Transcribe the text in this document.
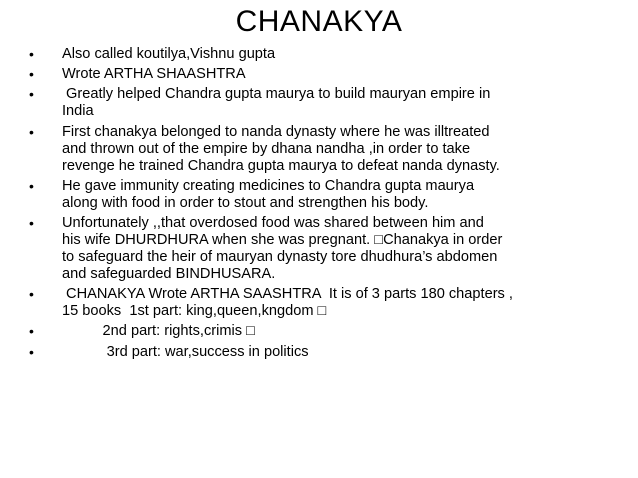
CHANAKYA
• Also called koutilya,Vishnu gupta
• Wrote ARTHA SHAASHTRA
• Greatly helped Chandra gupta maurya to build mauryan empire in
India
• First chanakya belonged to nanda dynasty where he was illtreated
and thrown out of the empire by dhana nandha ,in order to take
revenge he trained Chandra gupta maurya to defeat nanda dynasty.
• He gave immunity creating medicines to Chandra gupta maurya
along with food in order to stout and strengthen his body.
• Unfortunately ,,that overdosed food was shared between him and
his wife DHURDHURA when she was pregnant. □Chanakya in order
to safeguard the heir of mauryan dynasty tore dhudhura’s abdomen
and safeguarded BINDHUSARA.
• CHANAKYA Wrote ARTHA SAASHTRA  It is of 3 parts 180 chapters ,
15 books  1st part: king,queen,kngdom □
• 2nd part: rights,crimis □
• 3rd part: war,success in politics
